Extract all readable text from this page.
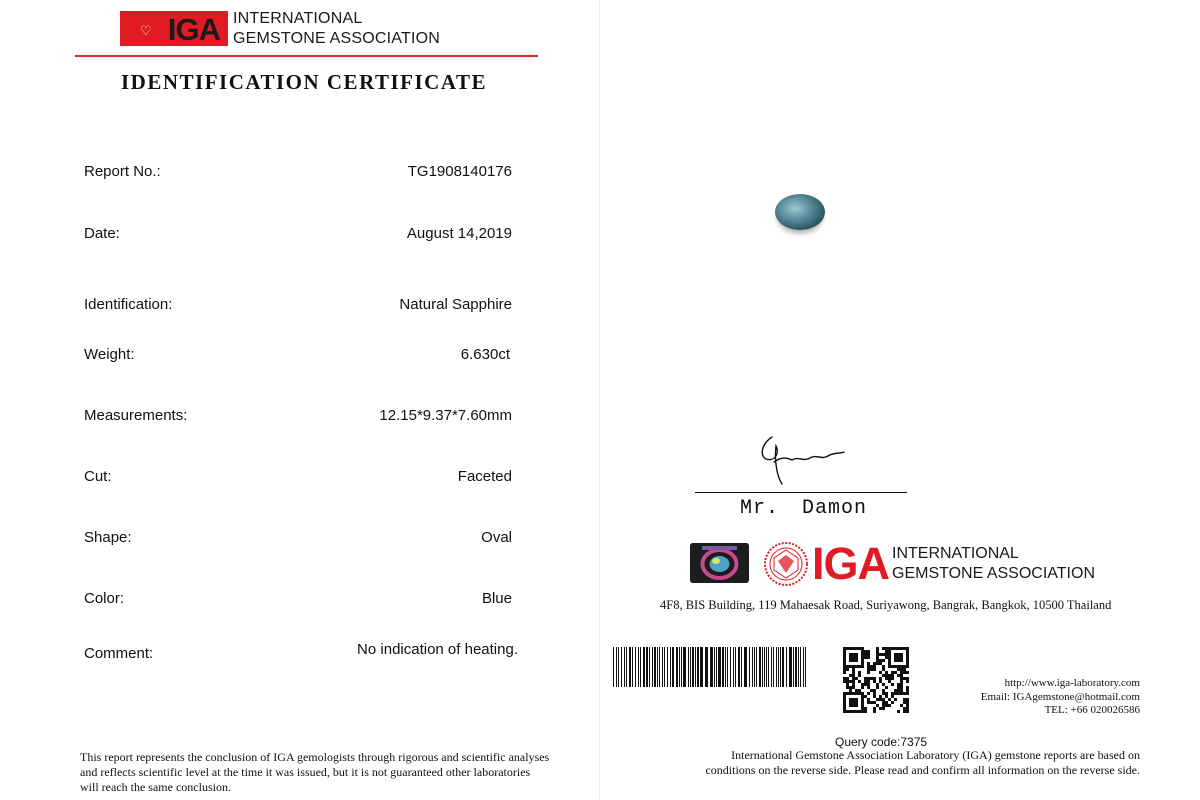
♡ IGA INTERNATIONAL
GEMSTONE ASSOCIATION
IDENTIFICATION CERTIFICATE
Report No.:	TG1908140176
Date:	August 14,2019
Identification:	Natural Sapphire
Weight:	6.630ct
Measurements:	12.15*9.37*7.60mm
Cut:	Faceted
Shape:	Oval
Color:	Blue
Comment:	No indication of heating.
This report represents the conclusion of IGA gemologists through rigorous and scientific analyses and reflects scientific level at the time it was issued, but it is not guaranteed other laboratories will reach the same conclusion.
Mr. Damon
IGA INTERNATIONAL
GEMSTONE ASSOCIATION
4F8, BIS Building, 119 Mahaesak Road, Suriyawong, Bangrak, Bangkok, 10500 Thailand
http://www.iga-laboratory.com
Email: IGAgemstone@hotmail.com
TEL: +66 020026586
Query code:7375
International Gemstone Association Laboratory (IGA) gemstone reports are based on conditions on the reverse side. Please read and confirm all information on the reverse side.
